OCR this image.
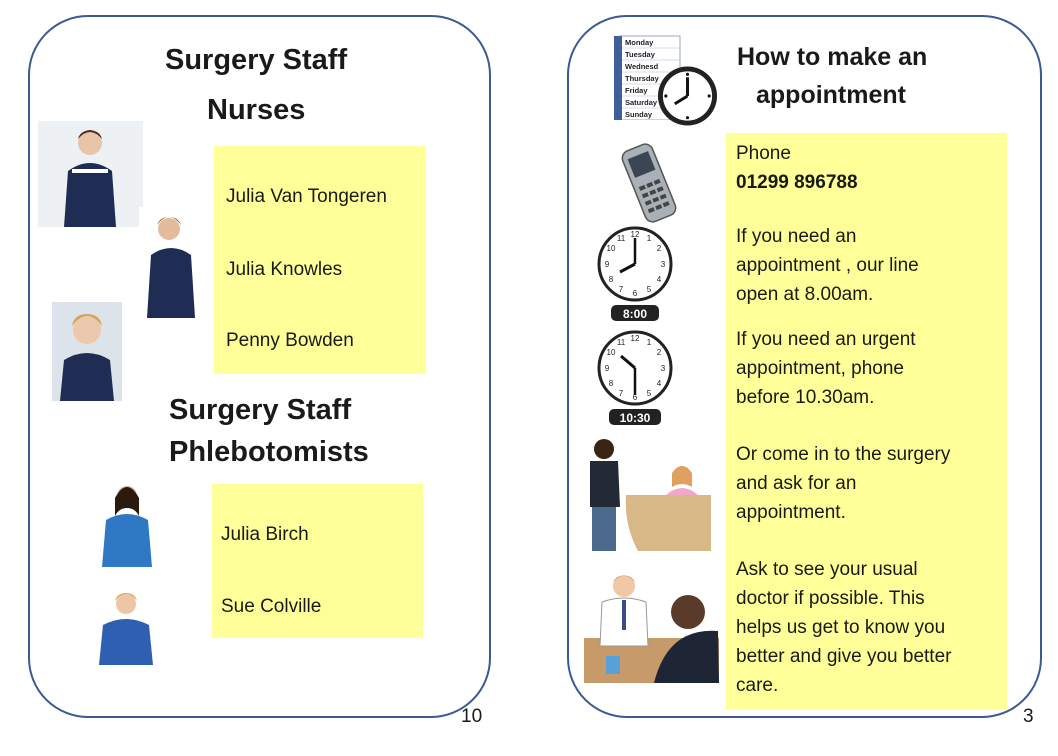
Surgery Staff
Nurses
Julia Van Tongeren
Julia Knowles
Penny Bowden
Surgery Staff
Phlebotomists
Julia Birch
Sue Colville
10
Monday
Tuesday
Wednesd
Thursday
Friday
Saturday
Sunday
How to make an
appointment
12 1
2
3
4
5
6
7
8
9
10
11
8:00
12 1
2
3
4
5
6
7
8
9
10
11
10:30
Phone
01299 896788
If you need an
appointment , our line
open at 8.00am.
If you need an urgent
appointment, phone
before 10.30am.
Or come in to the surgery
and ask for an
appointment.
Ask to see your usual
doctor if possible. This
helps us get to know you
better and give you better
care.
3
